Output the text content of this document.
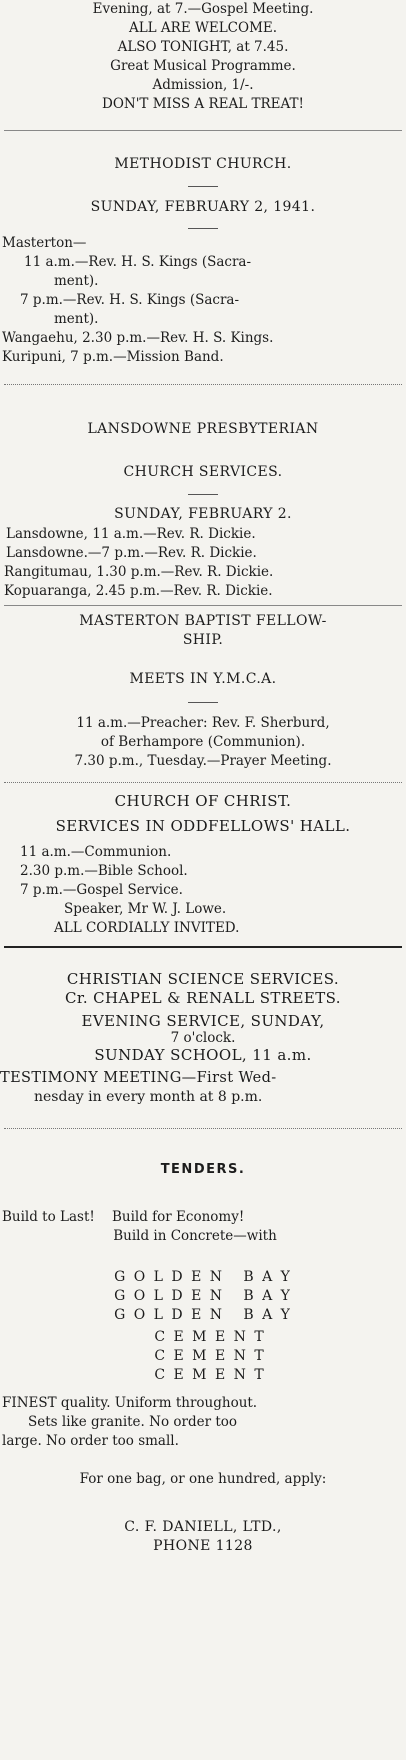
Evening, at 7.—Gospel Meeting.
ALL ARE WELCOME.
ALSO TONIGHT, at 7.45.
Great Musical Programme.
Admission, 1/-.
DON'T MISS A REAL TREAT!
METHODIST CHURCH.
SUNDAY, FEBRUARY 2, 1941.
Masterton—
11 a.m.—Rev. H. S. Kings (Sacra-
ment).
7 p.m.—Rev. H. S. Kings (Sacra-
ment).
Wangaehu, 2.30 p.m.—Rev. H. S. Kings.
Kuripuni, 7 p.m.—Mission Band.
LANSDOWNE PRESBYTERIAN
CHURCH SERVICES.
SUNDAY, FEBRUARY 2.
Lansdowne, 11 a.m.—Rev. R. Dickie.
Lansdowne.—7 p.m.—Rev. R. Dickie.
Rangitumau, 1.30 p.m.—Rev. R. Dickie.
Kopuaranga, 2.45 p.m.—Rev. R. Dickie.
MASTERTON BAPTIST FELLOW-
SHIP.
MEETS IN Y.M.C.A.
11 a.m.—Preacher: Rev. F. Sherburd,
of Berhampore (Communion).
7.30 p.m., Tuesday.—Prayer Meeting.
CHURCH OF CHRIST.
SERVICES IN ODDFELLOWS' HALL.
11 a.m.—Communion.
2.30 p.m.—Bible School.
7 p.m.—Gospel Service.
Speaker, Mr W. J. Lowe.
ALL CORDIALLY INVITED.
CHRISTIAN SCIENCE SERVICES.
Cr. CHAPEL & RENALL STREETS.
EVENING SERVICE, SUNDAY,
7 o'clock.
SUNDAY SCHOOL, 11 a.m.
TESTIMONY MEETING—First Wed-
nesday in every month at 8 p.m.
TENDERS.
Build to Last!    Build for Economy!
Build in Concrete—with
G O L D E N   B A Y
G O L D E N   B A Y
G O L D E N   B A Y
C E M E N T
C E M E N T
C E M E N T
FINEST quality. Uniform throughout.
Sets like granite. No order too
large. No order too small.
For one bag, or one hundred, apply:
C. F. DANIELL, LTD.,
PHONE 1128
